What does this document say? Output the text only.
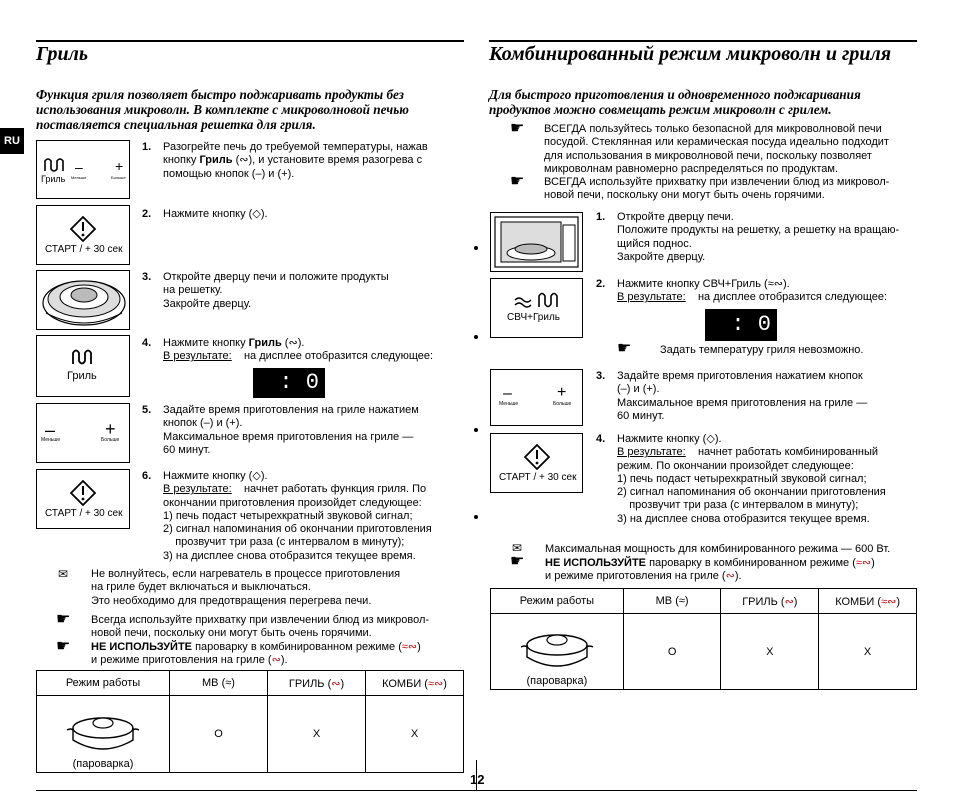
RU
Гриль
Функция гриля позволяет быстро поджаривать продукты без
использования микроволн. В комплекте с микроволновой печью
поставляется специальная решетка для гриля.
Гриль
– +
Меньше	Больше
СТАРТ / + 30 сек
Гриль
–	+
Меньше	Больше
СТАРТ / + 30 сек
1. Разогрейте печь до требуемой температуры, нажав
кнопку Гриль (∾), и установите время разогрева с
помощью кнопок (–) и (+).
2. Нажмите кнопку (◇).
3. Откройте дверцу печи и положите продукты
на решетку.
Закройте дверцу.
4. Нажмите кнопку Гриль (∾).
В результате:    на дисплее отобразится следующее:
: 0
5. Задайте время приготовления на гриле нажатием
кнопок (–) и (+).
Максимальное время приготовления на гриле —
60 минут.
6. Нажмите кнопку (◇).
В результате:    начнет работать функция гриля. По
окончании приготовления произойдет следующее:
1) печь подаст четырехкратный звуковой сигнал;
2) сигнал напоминания об окончании приготовления
прозвучит три раза (с интервалом в минуту);
3) на дисплее снова отобразится текущее время.
✉ Не волнуйтесь, если нагреватель в процессе приготовления
на гриле будет включаться и выключаться.
Это необходимо для предотвращения перегрева печи.
☛ Всегда используйте прихватку при извлечении блюд из микровол-
новой печи, поскольку они могут быть очень горячими.
☛ НЕ ИСПОЛЬЗУЙТЕ пароварку в комбинированном режиме (≈∾)
и режиме приготовления на гриле (∾).
Режим работы	МВ (≈)	ГРИЛЬ (∾)	КОМБИ (≈∾)

(пароварка)	O	X	X
Комбинированный режим микроволн и гриля
Для быстрого приготовления и одновременного поджаривания
продуктов можно совмещать режим микроволн с грилем.
☛ ВСЕГДА пользуйтесь только безопасной для микроволновой печи
посудой. Стеклянная или керамическая посуда идеально подходит
для использования в микроволновой печи, поскольку позволяет
микроволнам равномерно распределяться по продуктам.
☛ ВСЕГДА используйте прихватку при извлечении блюд из микровол-
новой печи, поскольку они могут быть очень горячими.
СВЧ+Гриль
–	+
Меньше	Больше
СТАРТ / + 30 сек
1. Откройте дверцу печи.
Положите продукты на решетку, а решетку на вращаю-
щийся поднос.
Закройте дверцу.
2. Нажмите кнопку СВЧ+Гриль (≈∾).
В результате:    на дисплее отобразится следующее:
: 0
☛	Задать температуру гриля невозможно.
3. Задайте время приготовления нажатием кнопок
(–) и (+).
Максимальное время приготовления на гриле —
60 минут.
4. Нажмите кнопку (◇).
В результате:    начнет работать комбинированный
режим. По окончании произойдет следующее:
1) печь подаст четырехкратный звуковой сигнал;
2) сигнал напоминания об окончании приготовления
прозвучит три раза (с интервалом в минуту);
3) на дисплее снова отобразится текущее время.
✉ Максимальная мощность для комбинированного режима — 600 Вт.
☛ НЕ ИСПОЛЬЗУЙТЕ пароварку в комбинированном режиме (≈∾)
и режиме приготовления на гриле (∾).
Режим работы	МВ (≈)	ГРИЛЬ (∾)	КОМБИ (≈∾)

(пароварка)	O	X	X
12
